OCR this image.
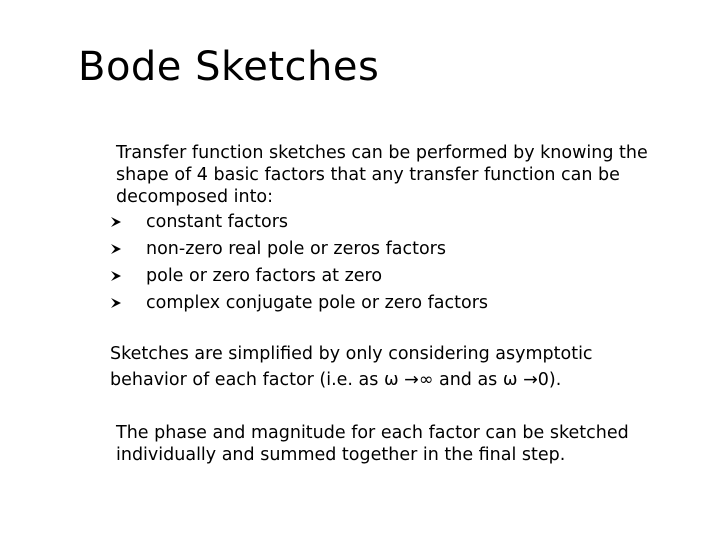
Bode Sketches
Transfer function sketches can be performed by knowing the shape of 4 basic factors that any transfer function can be decomposed into:
constant factors
non-zero real pole or zeros factors
pole or zero factors at zero
complex conjugate pole or zero factors
Sketches are simplified by only considering asymptotic behavior of each factor (i.e. as ω →∞ and as ω →0).
The phase and magnitude for each factor can be sketched individually and summed together in the final step.
